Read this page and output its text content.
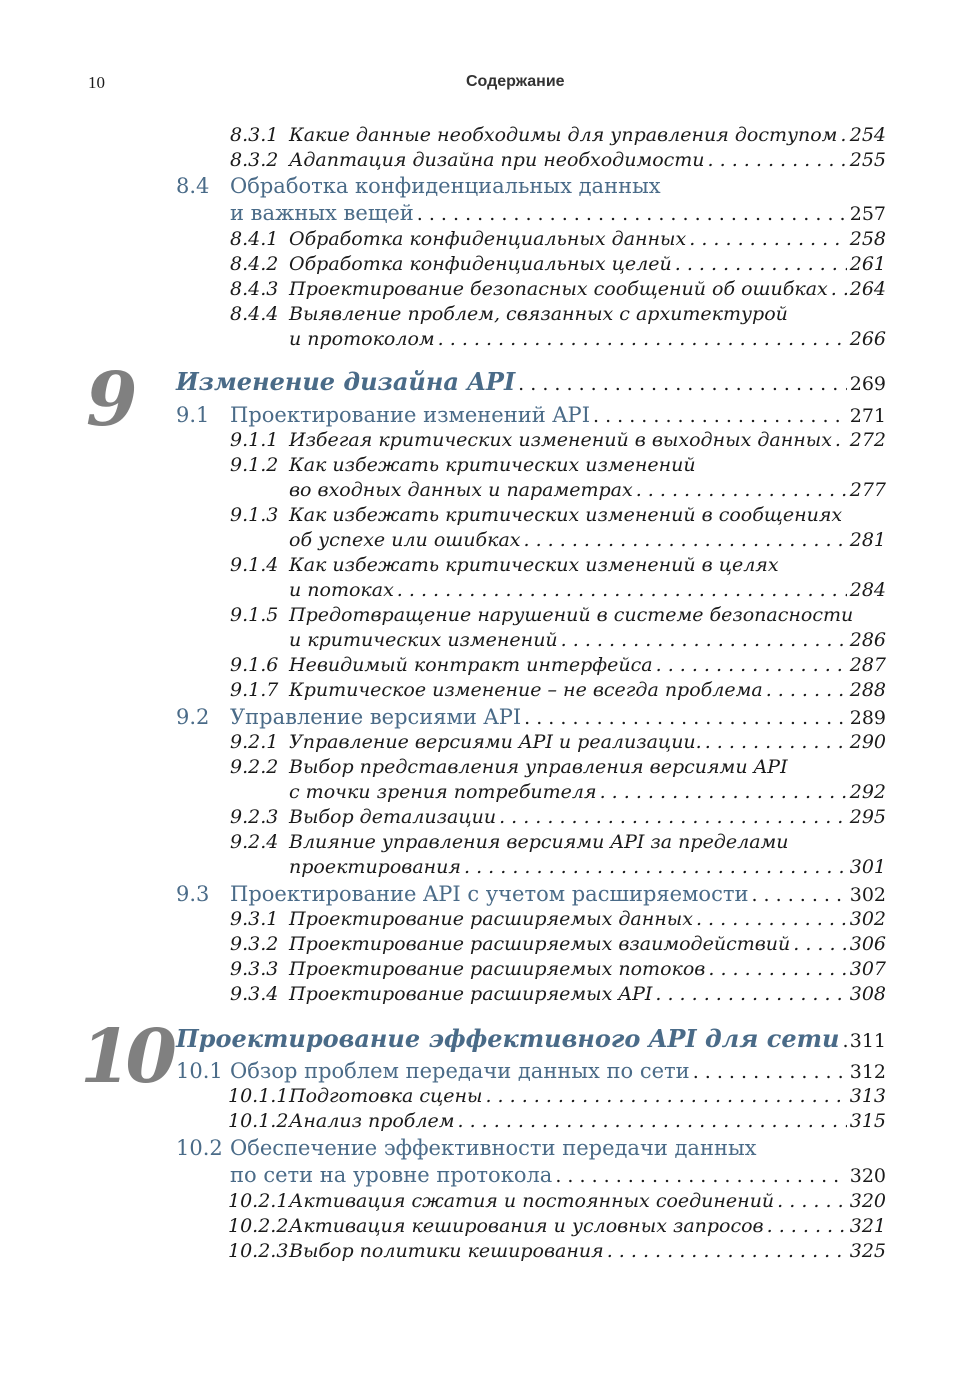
10	Содержание
9
10
8.3.1 Какие данные необходимы для управления доступом . . . 254
8.3.2 Адаптация дизайна при необходимости . . .	255
8.4 Обработка конфиденциальных данных
и важных вещей . . .	257
8.4.1 Обработка конфиденциальных данных . . .	258
8.4.2 Обработка конфиденциальных целей . . .	261
8.4.3 Проектирование безопасных сообщений об ошибках . . . 264
8.4.4 Выявление проблем, связанных с архитектурой
и протоколом . . .	266
Изменение дизайна API . . .	269
9.1 Проектирование изменений API . . .	271
9.1.1 Избегая критических изменений в выходных данных . . . 272
9.1.2 Как избежать критических изменений
во входных данных и параметрах . . .	277
9.1.3 Как избежать критических изменений в сообщениях
об успехе или ошибках . . .	281
9.1.4 Как избежать критических изменений в целях
и потоках . . .	284
9.1.5 Предотвращение нарушений в системе безопасности
и критических изменений . . .	286
9.1.6 Невидимый контракт интерфейса . . .	287
9.1.7 Критическое изменение – не всегда проблема . . .	288
9.2 Управление версиями API . . .	289
9.2.1 Управление версиями API и реализации. . . .	290
9.2.2 Выбор представления управления версиями API
с точки зрения потребителя . . .	292
9.2.3 Выбор детализации . . .	295
9.2.4 Влияние управления версиями API за пределами
проектирования . . .	301
9.3 Проектирование API с учетом расширяемости . . .	302
9.3.1 Проектирование расширяемых данных . . .	302
9.3.2 Проектирование расширяемых взаимодействий . . .	306
9.3.3 Проектирование расширяемых потоков . . .	307
9.3.4 Проектирование расширяемых API . . .	308
Проектирование эффективного API для сети . . . 311
10.1 Обзор проблем передачи данных по сети . . .	312
10.1.1 Подготовка сцены . . .	313
10.1.2 Анализ проблем . . .	315
10.2 Обеспечение эффективности передачи данных
по сети на уровне протокола . . .	320
10.2.1 Активация сжатия и постоянных соединений . . .	320
10.2.2 Активация кеширования и условных запросов . . .	321
10.2.3 Выбор политики кеширования . . .	325
